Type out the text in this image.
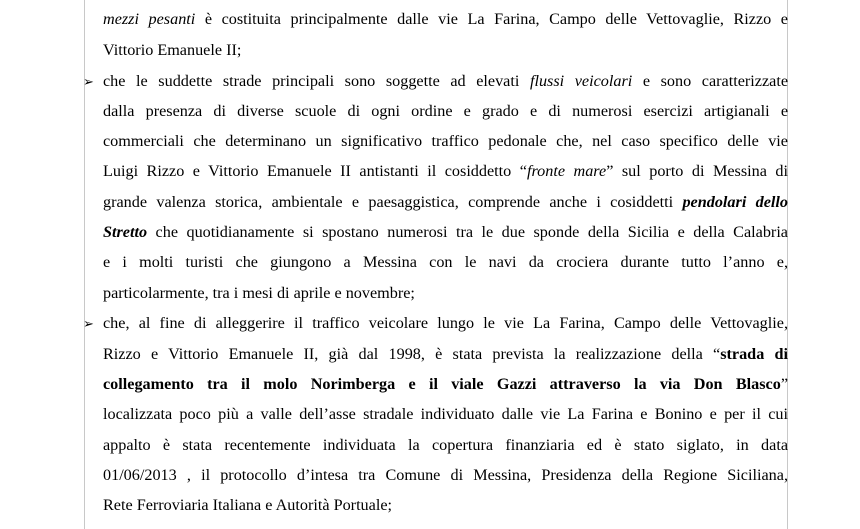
➢
➢
mezzi pesanti è costituita principalmente dalle vie La Farina, Campo delle Vettovaglie, Rizzo e
Vittorio Emanuele II;
che le suddette strade principali sono soggette ad elevati flussi veicolari e sono caratterizzate
dalla presenza di diverse scuole di ogni ordine e grado e di numerosi esercizi artigianali e
commerciali che determinano un significativo traffico pedonale che, nel caso specifico delle vie
Luigi Rizzo e Vittorio Emanuele II antistanti il cosiddetto “fronte mare” sul porto di Messina di
grande valenza storica, ambientale e paesaggistica, comprende anche i cosiddetti pendolari dello
Stretto che quotidianamente si spostano numerosi tra le due sponde della Sicilia e della Calabria
e i molti turisti che giungono a Messina con le navi da crociera durante tutto l’anno e,
particolarmente, tra i mesi di aprile e novembre;
che, al fine di alleggerire il traffico veicolare lungo le vie La Farina, Campo delle Vettovaglie,
Rizzo e Vittorio Emanuele II, già dal 1998, è stata prevista la realizzazione della “strada di
collegamento tra il molo Norimberga e il viale Gazzi attraverso la via Don Blasco”
localizzata poco più a valle dell’asse stradale individuato dalle vie La Farina e Bonino e per il cui
appalto è stata recentemente individuata la copertura finanziaria ed è stato siglato, in data
01/06/2013 , il protocollo d’intesa tra Comune di Messina, Presidenza della Regione Siciliana,
Rete Ferroviaria Italiana e Autorità Portuale;
